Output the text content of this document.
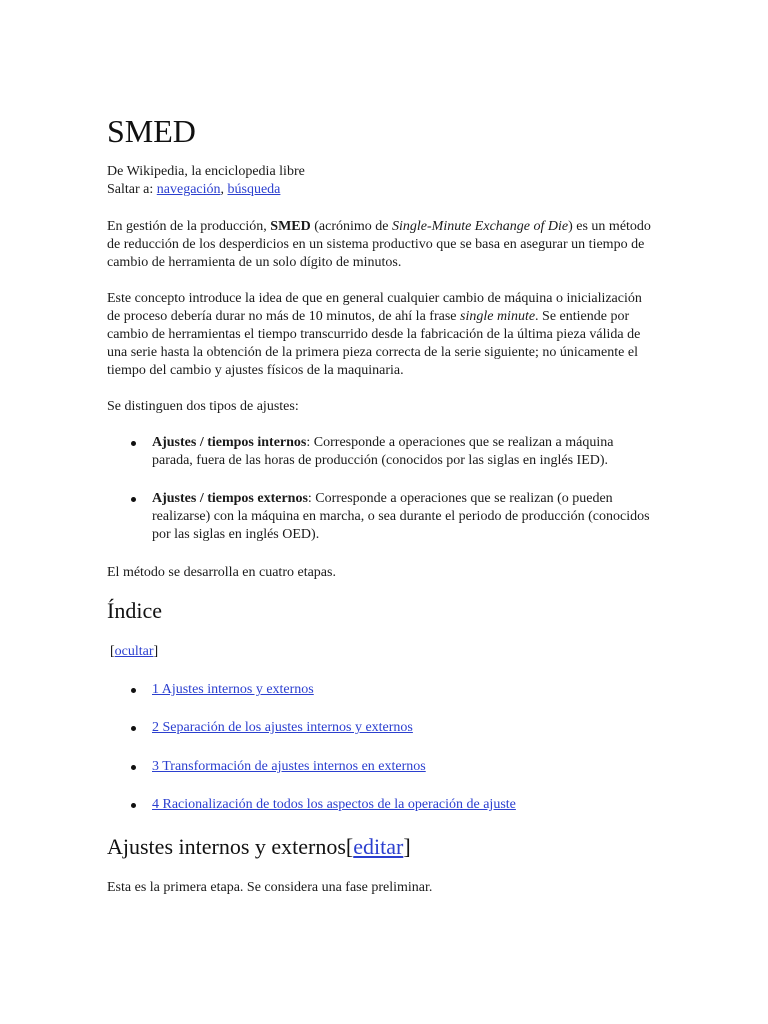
SMED
De Wikipedia, la enciclopedia libre
Saltar a: navegación, búsqueda

En gestión de la producción, SMED (acrónimo de Single-Minute Exchange of Die) es un método de reducción de los desperdicios en un sistema productivo que se basa en asegurar un tiempo de cambio de herramienta de un solo dígito de minutos.

Este concepto introduce la idea de que en general cualquier cambio de máquina o inicialización de proceso debería durar no más de 10 minutos, de ahí la frase single minute. Se entiende por cambio de herramientas el tiempo transcurrido desde la fabricación de la última pieza válida de una serie hasta la obtención de la primera pieza correcta de la serie siguiente; no únicamente el tiempo del cambio y ajustes físicos de la maquinaria.

Se distinguen dos tipos de ajustes:

Ajustes / tiempos internos: Corresponde a operaciones que se realizan a máquina parada, fuera de las horas de producción (conocidos por las siglas en inglés IED).
Ajustes / tiempos externos: Corresponde a operaciones que se realizan (o pueden realizarse) con la máquina en marcha, o sea durante el periodo de producción (conocidos por las siglas en inglés OED).

El método se desarrolla en cuatro etapas.

Índice
[ocultar]
1 Ajustes internos y externos
2 Separación de los ajustes internos y externos
3 Transformación de ajustes internos en externos
4 Racionalización de todos los aspectos de la operación de ajuste
Ajustes internos y externos[editar]

Esta es la primera etapa. Se considera una fase preliminar.
